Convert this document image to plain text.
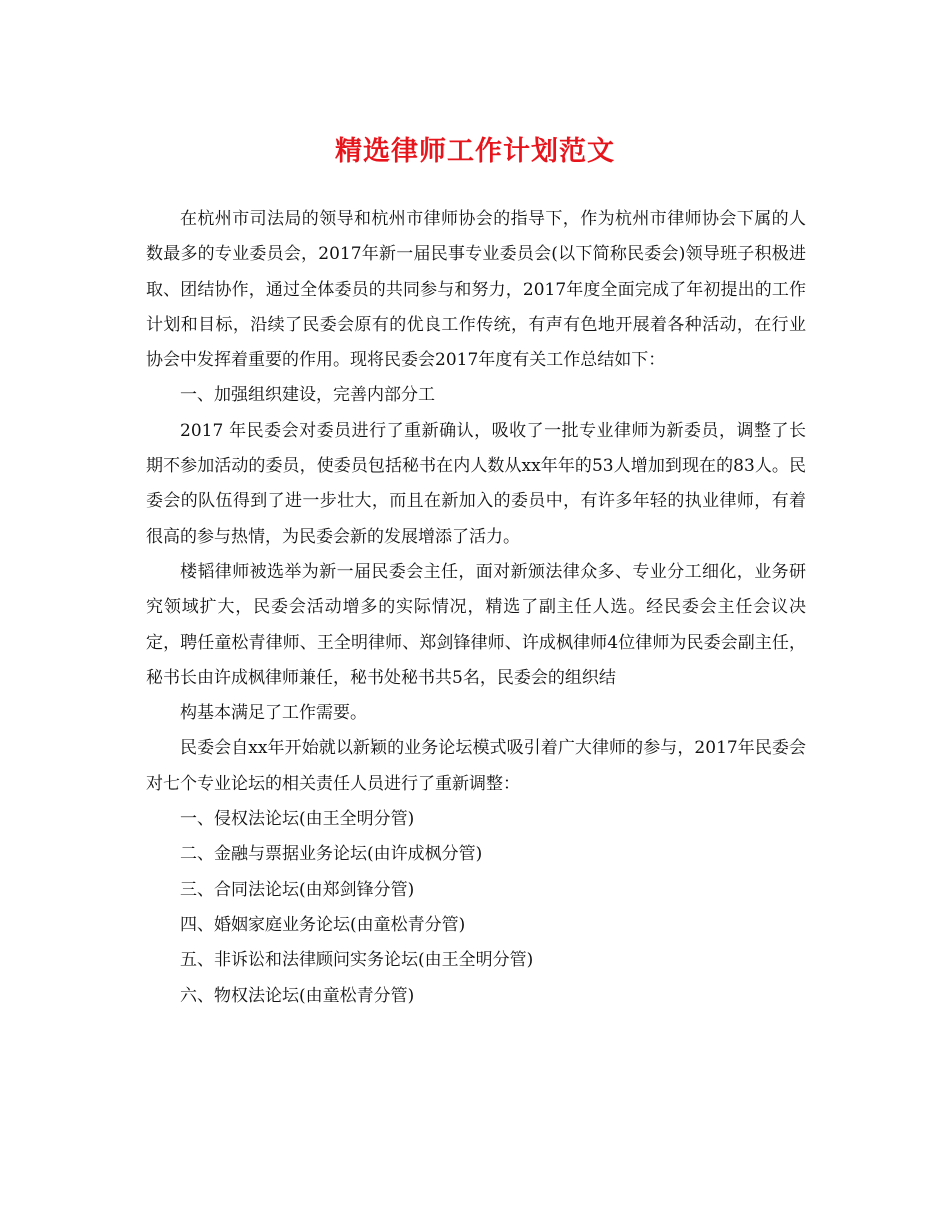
精选律师工作计划范文

在杭州市司法局的领导和杭州市律师协会的指导下，作为杭州市律师协会下属的人数最多的专业委员会，2017年新一届民事专业委员会(以下简称民委会)领导班子积极进取、团结协作，通过全体委员的共同参与和努力，2017年度全面完成了年初提出的工作计划和目标，沿续了民委会原有的优良工作传统，有声有色地开展着各种活动，在行业协会中发挥着重要的作用。现将民委会2017年度有关工作总结如下：

一、加强组织建设，完善内部分工

2017 年民委会对委员进行了重新确认，吸收了一批专业律师为新委员，调整了长期不参加活动的委员，使委员包括秘书在内人数从xx年年的53人增加到现在的83人。民委会的队伍得到了进一步壮大，而且在新加入的委员中，有许多年轻的执业律师，有着很高的参与热情，为民委会新的发展增添了活力。

楼韬律师被选举为新一届民委会主任，面对新颁法律众多、专业分工细化，业务研究领域扩大，民委会活动增多的实际情况，精选了副主任人选。经民委会主任会议决定，聘任童松青律师、王全明律师、郑剑锋律师、许成枫律师4位律师为民委会副主任，秘书长由许成枫律师兼任，秘书处秘书共5名，民委会的组织结

构基本满足了工作需要。

民委会自xx年开始就以新颖的业务论坛模式吸引着广大律师的参与，2017年民委会对七个专业论坛的相关责任人员进行了重新调整：

一、侵权法论坛(由王全明分管)

二、金融与票据业务论坛(由许成枫分管)

三、合同法论坛(由郑剑锋分管)

四、婚姻家庭业务论坛(由童松青分管)

五、非诉讼和法律顾问实务论坛(由王全明分管)

六、物权法论坛(由童松青分管)
